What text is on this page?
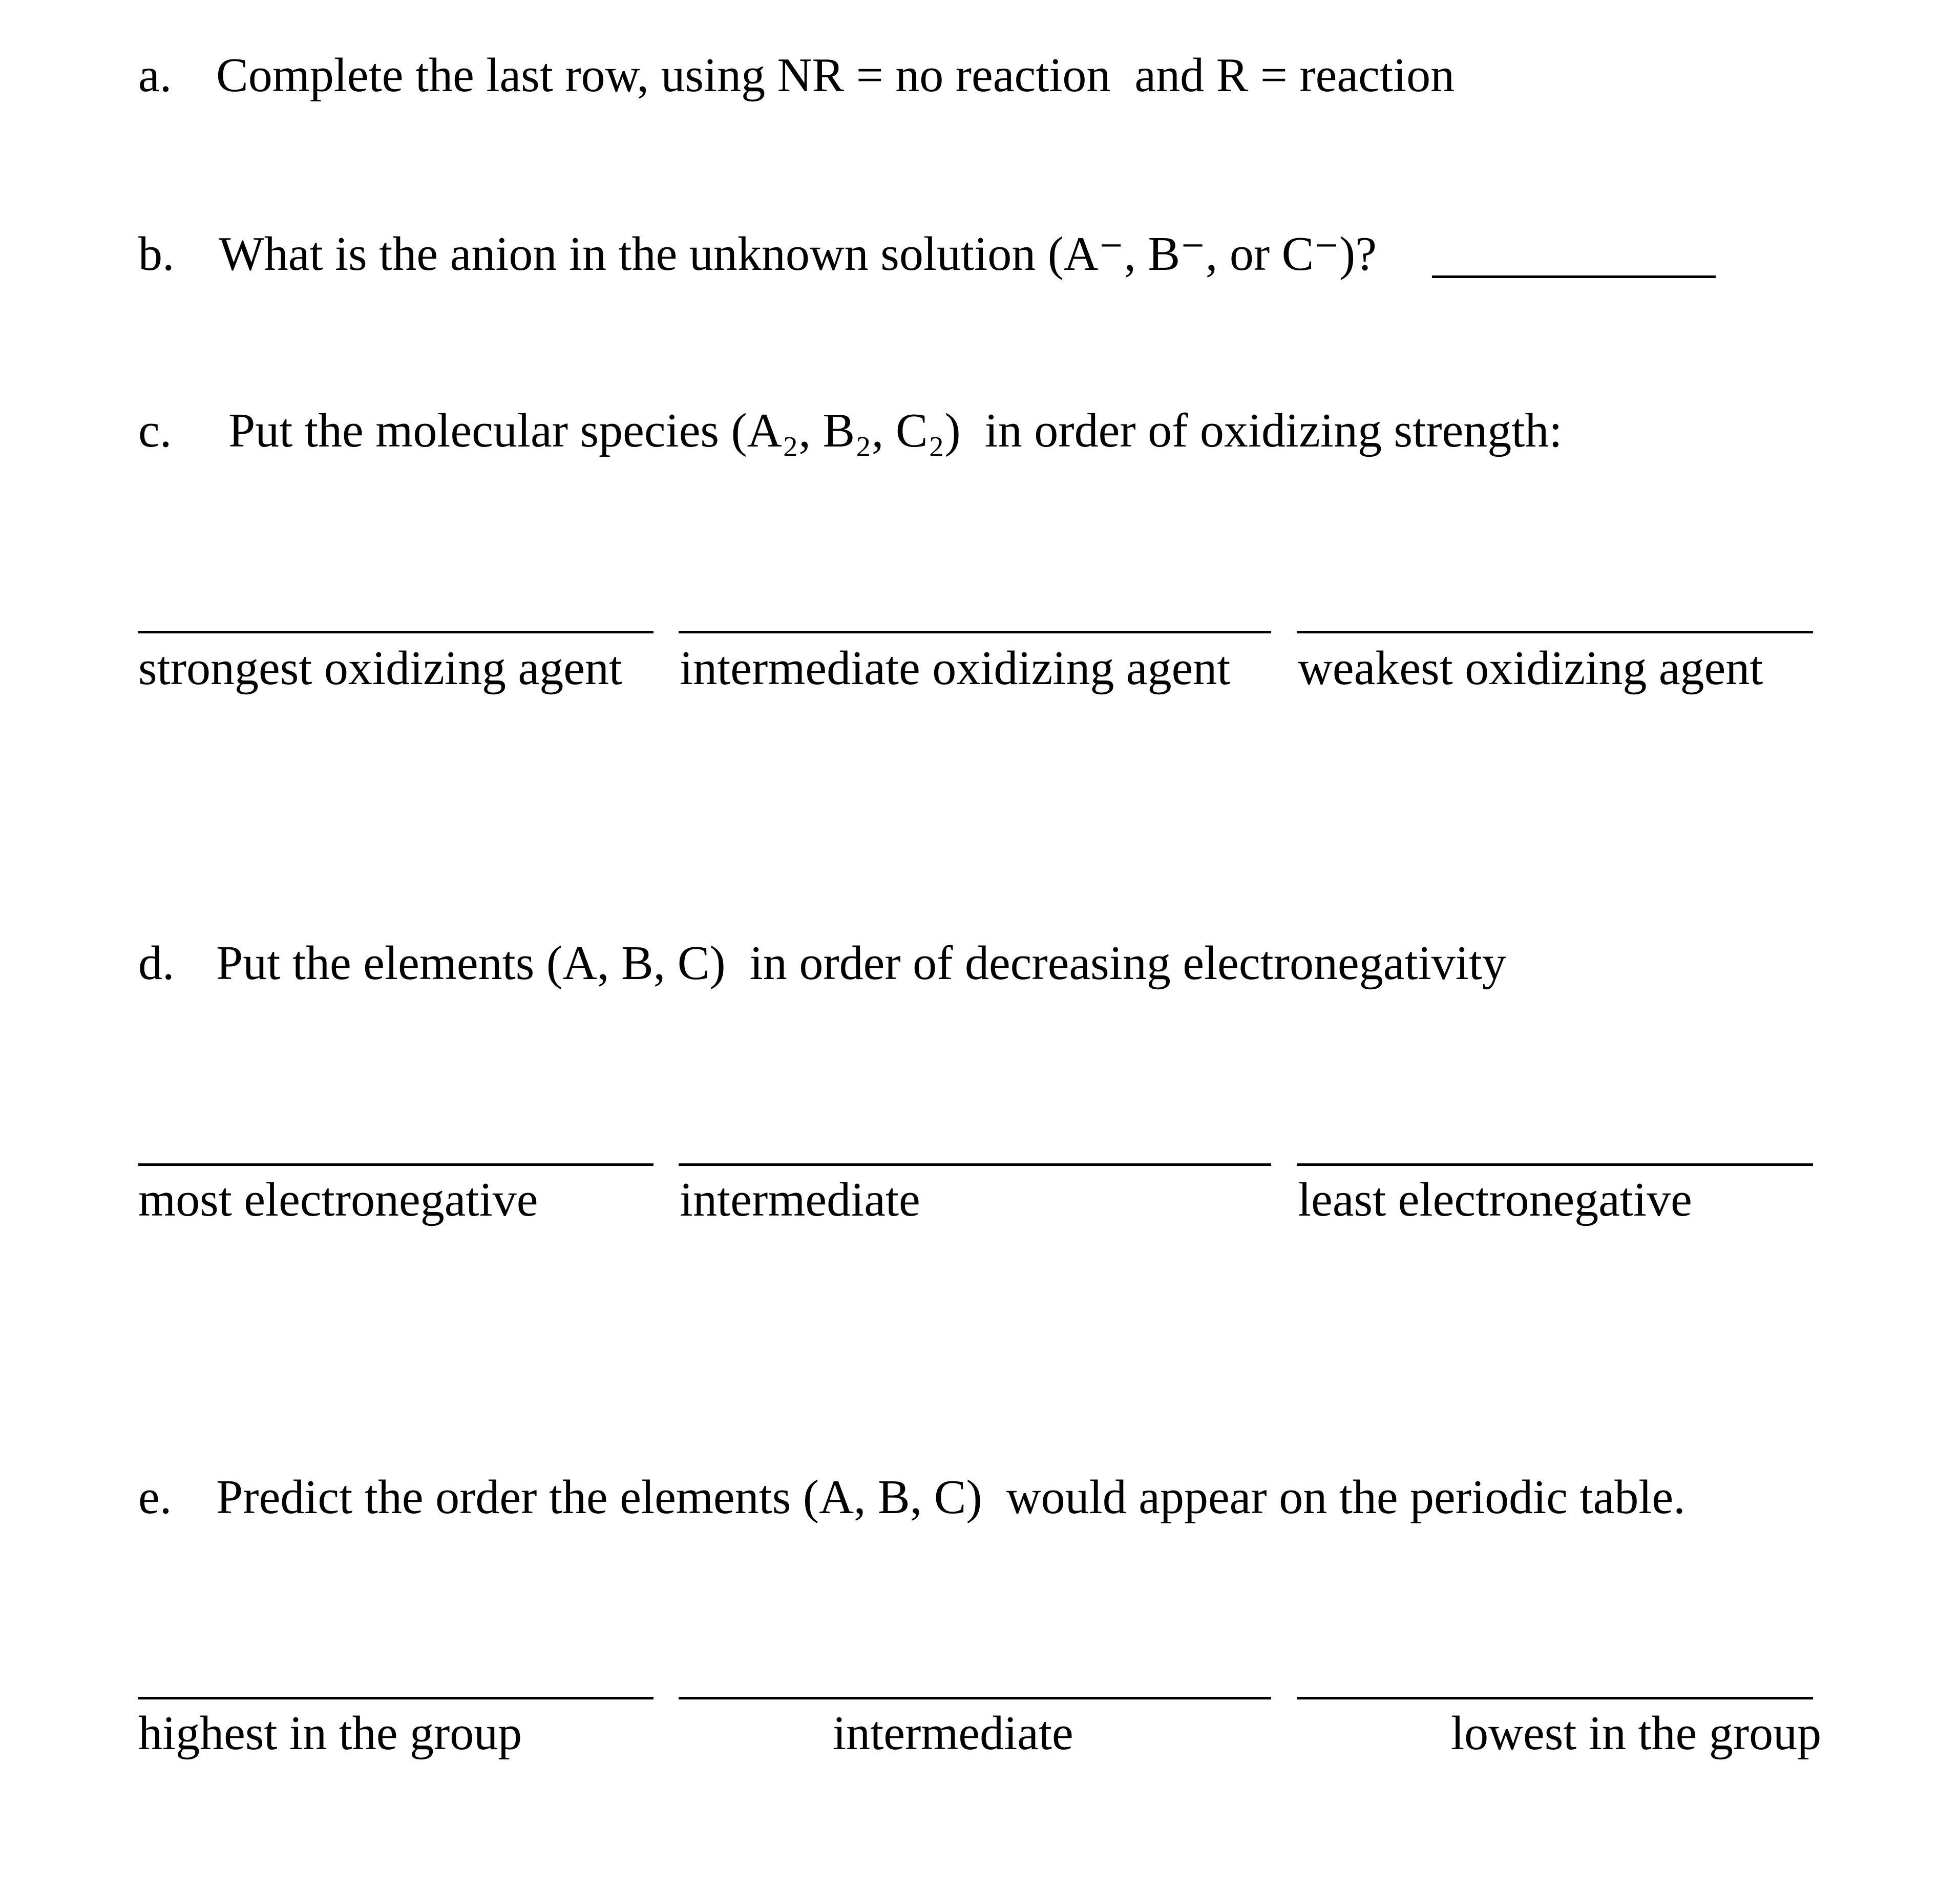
a. Complete the last row, using NR = no reaction  and R = reaction
b. What is the anion in the unknown solution (A⁻, B⁻, or C⁻)?
c. Put the molecular species (A₂, B₂, C₂)  in order of oxidizing strength:
strongest oxidizing agent intermediate oxidizing agent weakest oxidizing agent
d. Put the elements (A, B, C)  in order of decreasing electronegativity
most electronegative	intermediate	least electronegative
e. Predict the order the elements (A, B, C)  would appear on the periodic table.
highest in the group	intermediate	lowest in the group
